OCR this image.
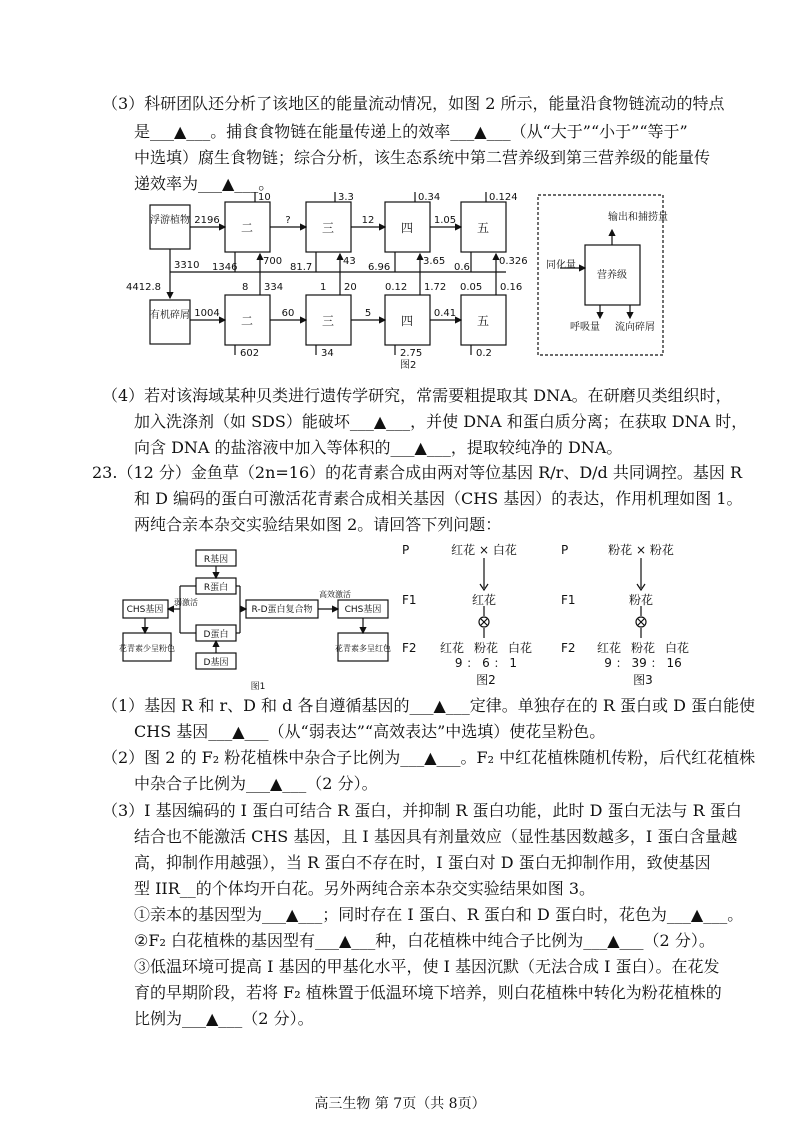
（3）科研团队还分析了该地区的能量流动情况，如图 2 所示，能量沿食物链流动的特点
是___▲___。捕食食物链在能量传递上的效率___▲___（从“大于”“小于”“等于”
中选填）腐生食物链；综合分析，该生态系统中第二营养级到第三营养级的能量传
递效率为___▲___。
浮游植物
二	三	四	五
有机碎屑	二	三	四	五
2196	?	12	1.05
10	3.3	0.34	0.124
3310 1346	81.7	6.96	0.6
700	43	3.65	0.326
1004	60	5	0.41
8	1	0.12	0.05
334	20	1.72	0.16
602	34	2.75	0.2
4412.8
图2
同化量
营养级
输出和捕捞量
呼吸量 流向碎屑
（4）若对该海域某种贝类进行遗传学研究，常需要粗提取其 DNA。在研磨贝类组织时，
加入洗涤剂（如 SDS）能破坏___▲___，并使 DNA 和蛋白质分离；在获取 DNA 时，
向含 DNA 的盐溶液中加入等体积的___▲___，提取较纯净的 DNA。
23.（12 分）金鱼草（2n=16）的花青素合成由两对等位基因 R/r、D/d 共同调控。基因 R
和 D 编码的蛋白可激活花青素合成相关基因（CHS 基因）的表达，作用机理如图 1。
两纯合亲本杂交实验结果如图 2。请回答下列问题：
R基因
R蛋白
D蛋白
D基因
R-D蛋白复合物
CHS基因	CHS基因
弱激活
高效激活
花青素少呈粉色	花青素多呈红色
图1
P	红花 × 白花
F1	红花
F2 红花 粉花 白花
9 ： 6 ： 1
图2
P	粉花 × 粉花
F1	粉花
F2 红花 粉花 白花
9 ： 39 ： 16
图3
（1）基因 R 和 r、D 和 d 各自遵循基因的___▲___定律。单独存在的 R 蛋白或 D 蛋白能使
CHS 基因___▲___（从“弱表达”“高效表达”中选填）使花呈粉色。
（2）图 2 的 F₂ 粉花植株中杂合子比例为___▲___。F₂ 中红花植株随机传粉，后代红花植株
中杂合子比例为___▲___（2 分）。
（3）I 基因编码的 I 蛋白可结合 R 蛋白，并抑制 R 蛋白功能，此时 D 蛋白无法与 R 蛋白
结合也不能激活 CHS 基因，且 I 基因具有剂量效应（显性基因数越多，I 蛋白含量越
高，抑制作用越强），当 R 蛋白不存在时，I 蛋白对 D 蛋白无抑制作用，致使基因
型 IIR__的个体均开白花。另外两纯合亲本杂交实验结果如图 3。
①亲本的基因型为___▲___；同时存在 I 蛋白、R 蛋白和 D 蛋白时，花色为___▲___。
②F₂ 白花植株的基因型有___▲___种，白花植株中纯合子比例为___▲___（2 分）。
③低温环境可提高 I 基因的甲基化水平，使 I 基因沉默（无法合成 I 蛋白）。在花发
育的早期阶段，若将 F₂ 植株置于低温环境下培养，则白花植株中转化为粉花植株的
比例为___▲___（2 分）。
高三生物 第 7页（共 8页）
